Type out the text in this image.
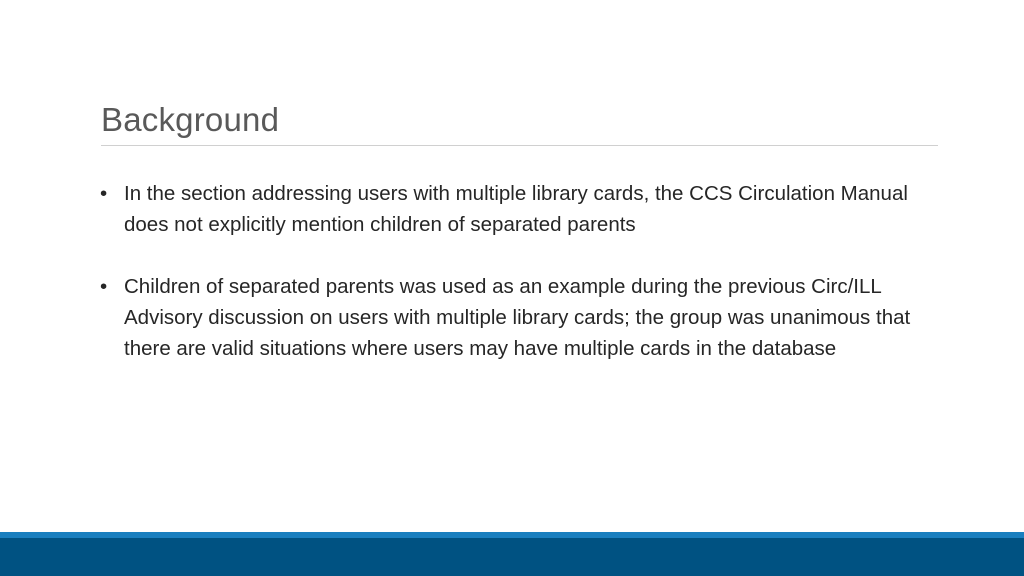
Background
• In the section addressing users with multiple library cards, the CCS Circulation Manual does not explicitly mention children of separated parents
• Children of separated parents was used as an example during the previous Circ/ILL Advisory discussion on users with multiple library cards; the group was unanimous that there are valid situations where users may have multiple cards in the database
